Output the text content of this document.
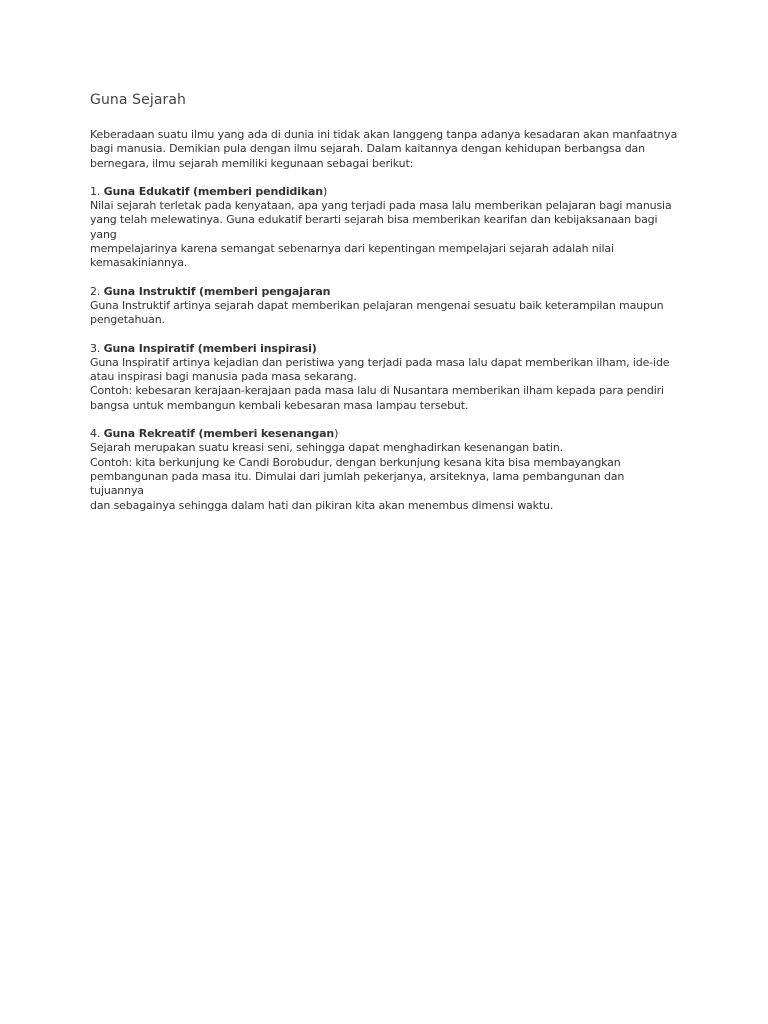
Guna Sejarah

Keberadaan suatu ilmu yang ada di dunia ini tidak akan langgeng tanpa adanya kesadaran akan manfaatnya
bagi manusia. Demikian pula dengan ilmu sejarah. Dalam kaitannya dengan kehidupan berbangsa dan
bernegara, ilmu sejarah memiliki kegunaan sebagai berikut:

1. Guna Edukatif (memberi pendidikan)

Nilai sejarah terletak pada kenyataan, apa yang terjadi pada masa lalu memberikan pelajaran bagi manusia
yang telah melewatinya. Guna edukatif berarti sejarah bisa memberikan kearifan dan kebijaksanaan bagi yang
mempelajarinya karena semangat sebenarnya dari kepentingan mempelajari sejarah adalah nilai
kemasakiniannya.

2. Guna Instruktif (memberi pengajaran

Guna Instruktif artinya sejarah dapat memberikan pelajaran mengenai sesuatu baik keterampilan maupun
pengetahuan.

3. Guna Inspiratif (memberi inspirasi)

Guna Inspiratif artinya kejadian dan peristiwa yang terjadi pada masa lalu dapat memberikan ilham, ide-ide
atau inspirasi bagi manusia pada masa sekarang.
Contoh: kebesaran kerajaan-kerajaan pada masa lalu di Nusantara memberikan ilham kepada para pendiri
bangsa untuk membangun kembali kebesaran masa lampau tersebut.

4. Guna Rekreatif (memberi kesenangan)

Sejarah merupakan suatu kreasi seni, sehingga dapat menghadirkan kesenangan batin.
Contoh: kita berkunjung ke Candi Borobudur, dengan berkunjung kesana kita bisa membayangkan
pembangunan pada masa itu. Dimulai dari jumlah pekerjanya, arsiteknya, lama pembangunan dan tujuannya
dan sebagainya sehingga dalam hati dan pikiran kita akan menembus dimensi waktu.
